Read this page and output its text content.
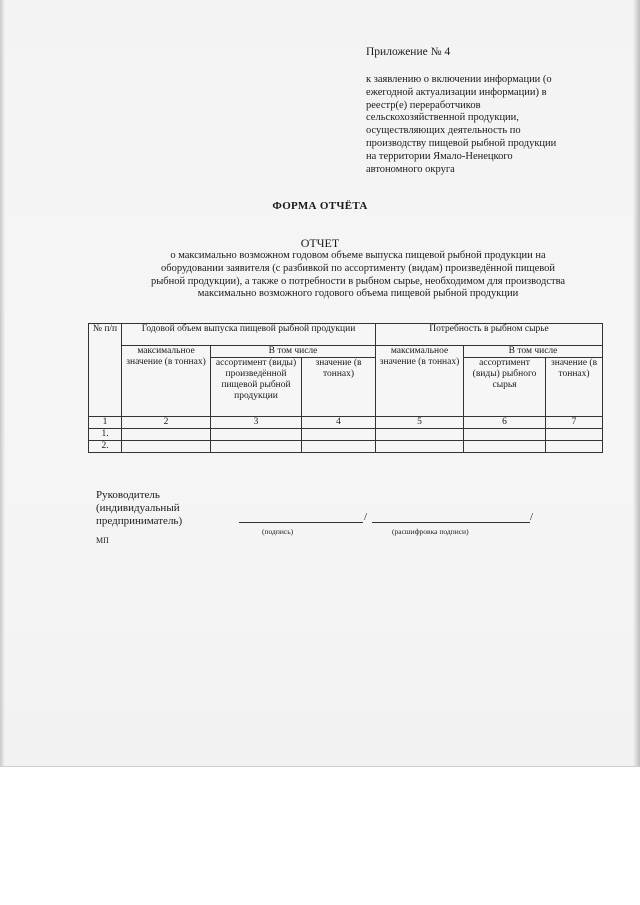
Приложение № 4
к заявлению о включении информации (о
ежегодной актуализации информации) в
реестр(е) переработчиков
сельскохозяйственной продукции,
осуществляющих деятельность по
производству пищевой рыбной продукции
на территории Ямало-Ненецкого
автономного округа
ФОРМА ОТЧЁТА
ОТЧЕТ
о максимально возможном годовом объеме выпуска пищевой рыбной продукции на
оборудовании заявителя (с разбивкой по ассортименту (видам) произведённой пищевой
рыбной продукции), а также о потребности в рыбном сырье, необходимом для производства
максимально возможного годового объема пищевой рыбной продукции
№ п/п	Годовой объем выпуска пищевой рыбной продукции			Потребность в рыбном сырье		
	максимальное значение (в тоннах)	В том числе		максимальное значение (в тоннах)	В том числе	
		ассортимент (виды) произведённой пищевой рыбной продукции	значение (в тоннах)		ассортимент (виды) рыбного сырья	значение (в тоннах)
1	2	3	4	5	6	7
1.						
2.						
Руководитель
(индивидуальный
предприниматель)	/	/
(подпись)	(расшифровка подписи)
МП
